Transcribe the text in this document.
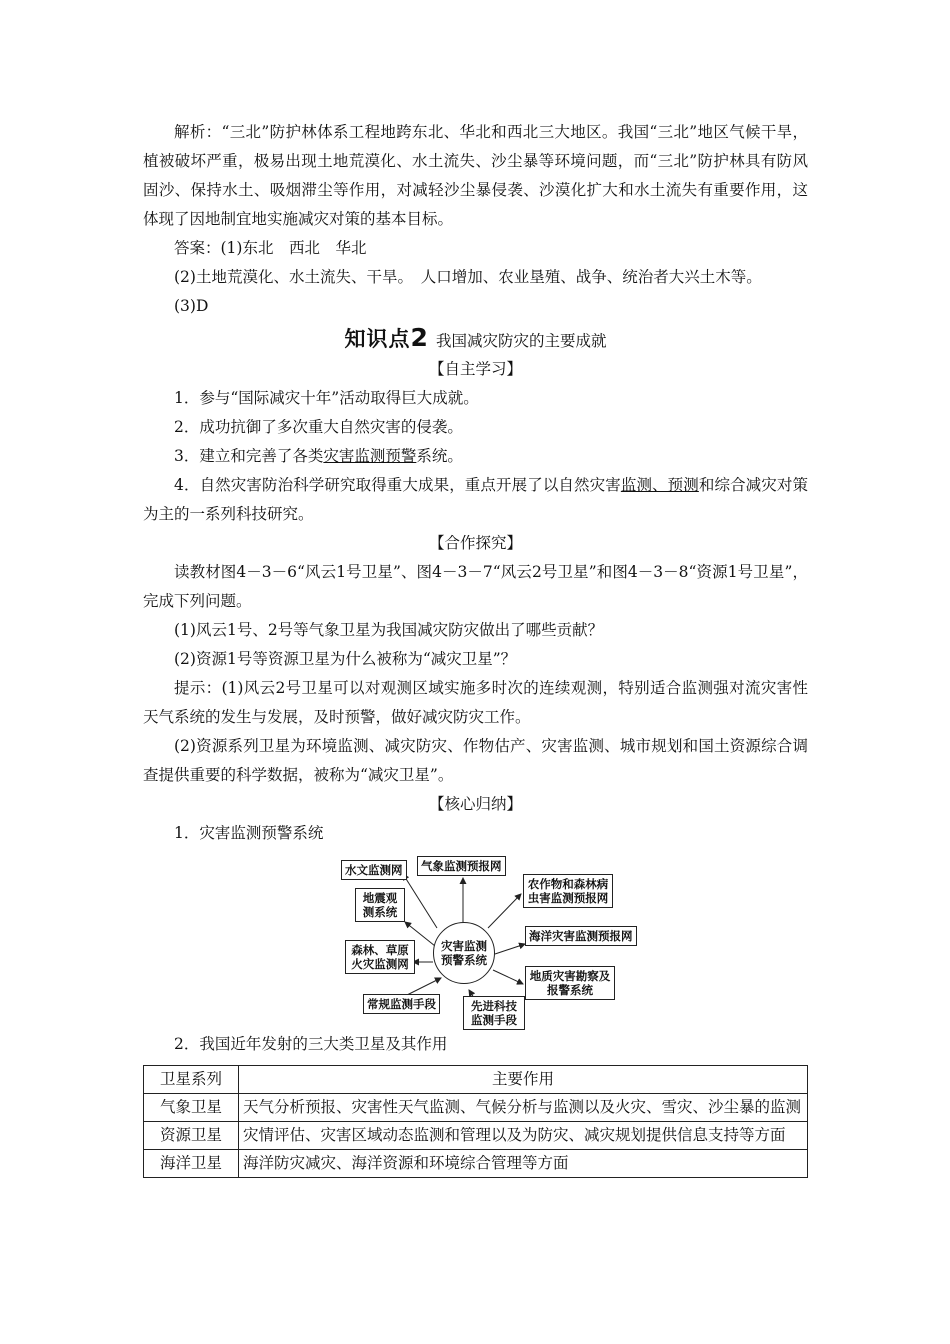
解析：“三北”防护林体系工程地跨东北、华北和西北三大地区。我国“三北”地区气候干旱，植被破坏严重，极易出现土地荒漠化、水土流失、沙尘暴等环境问题，而“三北”防护林具有防风固沙、保持水土、吸烟滞尘等作用，对减轻沙尘暴侵袭、沙漠化扩大和水土流失有重要作用，这体现了因地制宜地实施减灾对策的基本目标。

答案：(1)东北　西北　华北

(2)土地荒漠化、水土流失、干旱。　人口增加、农业垦殖、战争、统治者大兴土木等。

(3)D

知识点2 我国减灾防灾的主要成就

【自主学习】

1．参与“国际减灾十年”活动取得巨大成就。

2．成功抗御了多次重大自然灾害的侵袭。

3．建立和完善了各类灾害监测预警系统。

4．自然灾害防治科学研究取得重大成果，重点开展了以自然灾害监测、预测和综合减灾对策为主的一系列科技研究。

【合作探究】

读教材图4－3－6“风云1号卫星”、图4－3－7“风云2号卫星”和图4－3－8“资源1号卫星”，完成下列问题。

(1)风云1号、2号等气象卫星为我国减灾防灾做出了哪些贡献？

(2)资源1号等资源卫星为什么被称为“减灾卫星”？

提示：(1)风云2号卫星可以对观测区域实施多时次的连续观测，特别适合监测强对流灾害性天气系统的发生与发展，及时预警，做好减灾防灾工作。

(2)资源系列卫星为环境监测、减灾防灾、作物估产、灾害监测、城市规划和国土资源综合调查提供重要的科学数据，被称为“减灾卫星”。

【核心归纳】

1．灾害监测预警系统

水文监测网	气象监测预报网
农作物和森林病虫害监测预报网
地震观测系统
灾害监测预警系统
海洋灾害监测预报网
森林、草原火灾监测网
地质灾害勘察及报警系统
常规监测手段	先进科技监测手段

2．我国近年发射的三大类卫星及其作用

卫星系列	主要作用
气象卫星	天气分析预报、灾害性天气监测、气候分析与监测以及火灾、雪灾、沙尘暴的监测
资源卫星	灾情评估、灾害区域动态监测和管理以及为防灾、减灾规划提供信息支持等方面
海洋卫星	海洋防灾减灾、海洋资源和环境综合管理等方面
